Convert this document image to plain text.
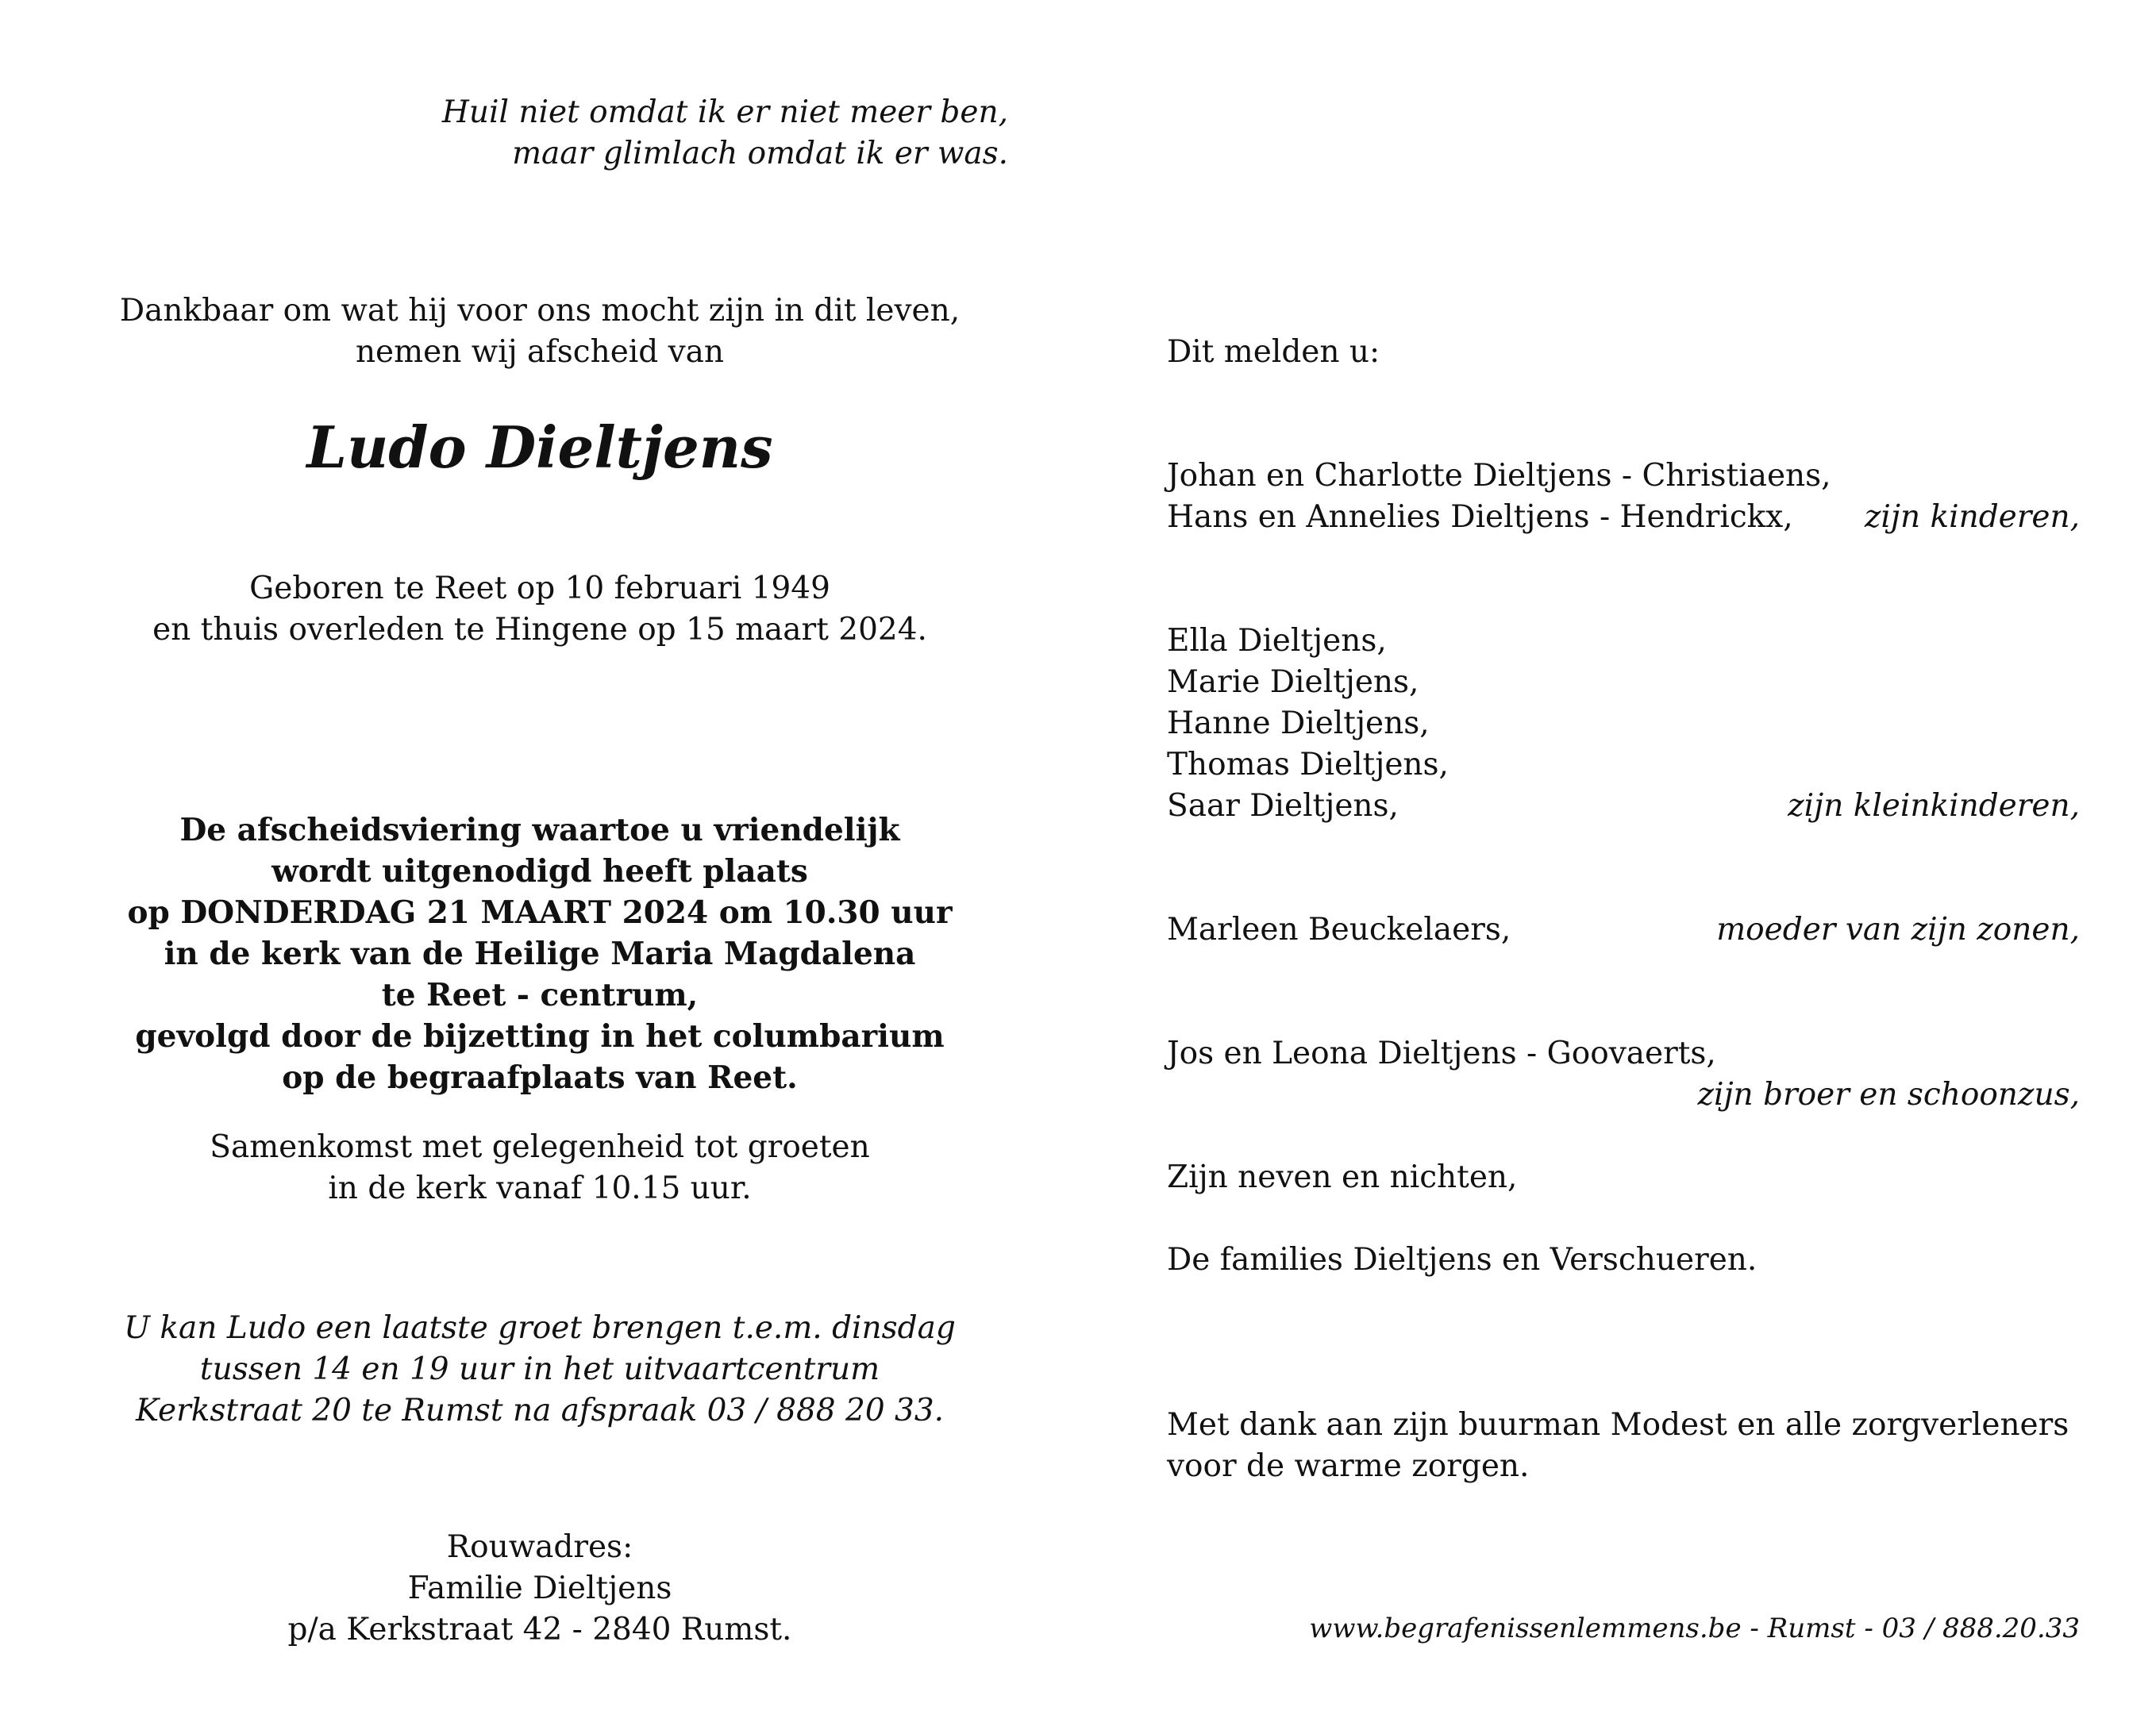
Huil niet omdat ik er niet meer ben,
maar glimlach omdat ik er was.
Dankbaar om wat hij voor ons mocht zijn in dit leven,
nemen wij afscheid van
Ludo Dieltjens
Geboren te Reet op 10 februari 1949
en thuis overleden te Hingene op 15 maart 2024.
De afscheidsviering waartoe u vriendelijk
wordt uitgenodigd heeft plaats
op DONDERDAG 21 MAART 2024 om 10.30 uur
in de kerk van de Heilige Maria Magdalena
te Reet - centrum,
gevolgd door de bijzetting in het columbarium
op de begraafplaats van Reet.
Samenkomst met gelegenheid tot groeten
in de kerk vanaf 10.15 uur.
U kan Ludo een laatste groet brengen t.e.m. dinsdag
tussen 14 en 19 uur in het uitvaartcentrum
Kerkstraat 20 te Rumst na afspraak 03 / 888 20 33.
Rouwadres:
Familie Dieltjens
p/a Kerkstraat 42 - 2840 Rumst.
Dit melden u:
Johan en Charlotte Dieltjens - Christiaens,
Hans en Annelies Dieltjens - Hendrickx, zijn kinderen,
Ella Dieltjens,
Marie Dieltjens,
Hanne Dieltjens,
Thomas Dieltjens,
Saar Dieltjens,	zijn kleinkinderen,
Marleen Beuckelaers,	moeder van zijn zonen,
Jos en Leona Dieltjens - Goovaerts,
zijn broer en schoonzus,
Zijn neven en nichten,
De families Dieltjens en Verschueren.
Met dank aan zijn buurman Modest en alle zorgverleners
voor de warme zorgen.
www.begrafenissenlemmens.be - Rumst - 03 / 888.20.33
